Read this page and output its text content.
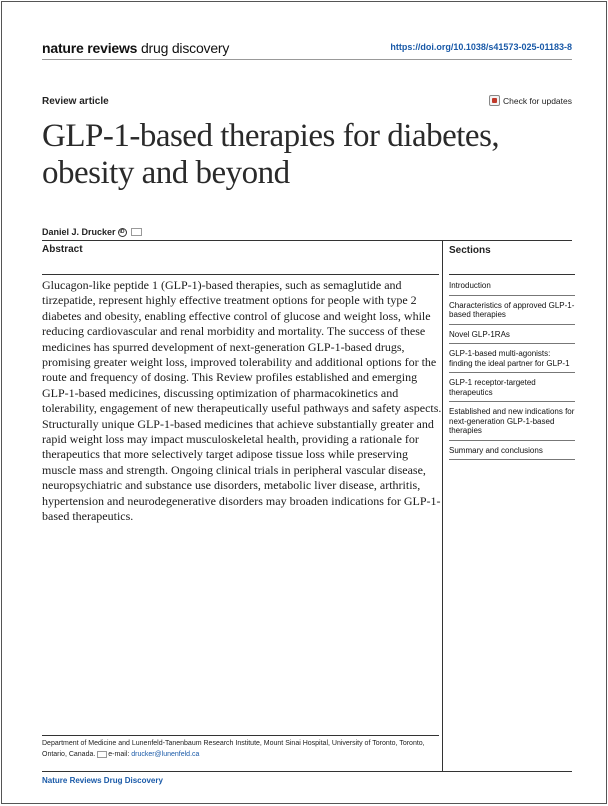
nature reviews drug discovery	https://doi.org/10.1038/s41573-025-01183-8
Review article	Check for updates
GLP-1-based therapies for diabetes, obesity and beyond
Daniel J. Drucker iD
Abstract

Glucagon-like peptide 1 (GLP-1)-based therapies, such as semaglutide and tirzepatide, represent highly effective treatment options for people with type 2 diabetes and obesity, enabling effective control of glucose and weight loss, while reducing cardiovascular and renal morbidity and mortality. The success of these medicines has spurred development of next-generation GLP-1-based drugs, promising greater weight loss, improved tolerability and additional options for the route and frequency of dosing. This Review profiles established and emerging GLP-1-based medicines, discussing optimization of pharmacokinetics and tolerability, engagement of new therapeutically useful pathways and safety aspects. Structurally unique GLP-1-based medicines that achieve substantially greater and rapid weight loss may impact musculoskeletal health, providing a rationale for therapeutics that more selectively target adipose tissue loss while preserving muscle mass and strength. Ongoing clinical trials in peripheral vascular disease, neuropsychiatric and substance use disorders, metabolic liver disease, arthritis, hypertension and neurodegenerative disorders may broaden indications for GLP-1-based therapeutics.

Sections
Introduction
Characteristics of approved GLP-1-based therapies
Novel GLP-1RAs
GLP-1-based multi-agonists: finding the ideal partner for GLP-1
GLP-1 receptor-targeted therapeutics
Established and new indications for next-generation GLP-1-based therapies
Summary and conclusions

Department of Medicine and Lunenfeld-Tanenbaum Research Institute, Mount Sinai Hospital, University of Toronto, Toronto, Ontario, Canada. e-mail: drucker@lunenfeld.ca

Nature Reviews Drug Discovery
